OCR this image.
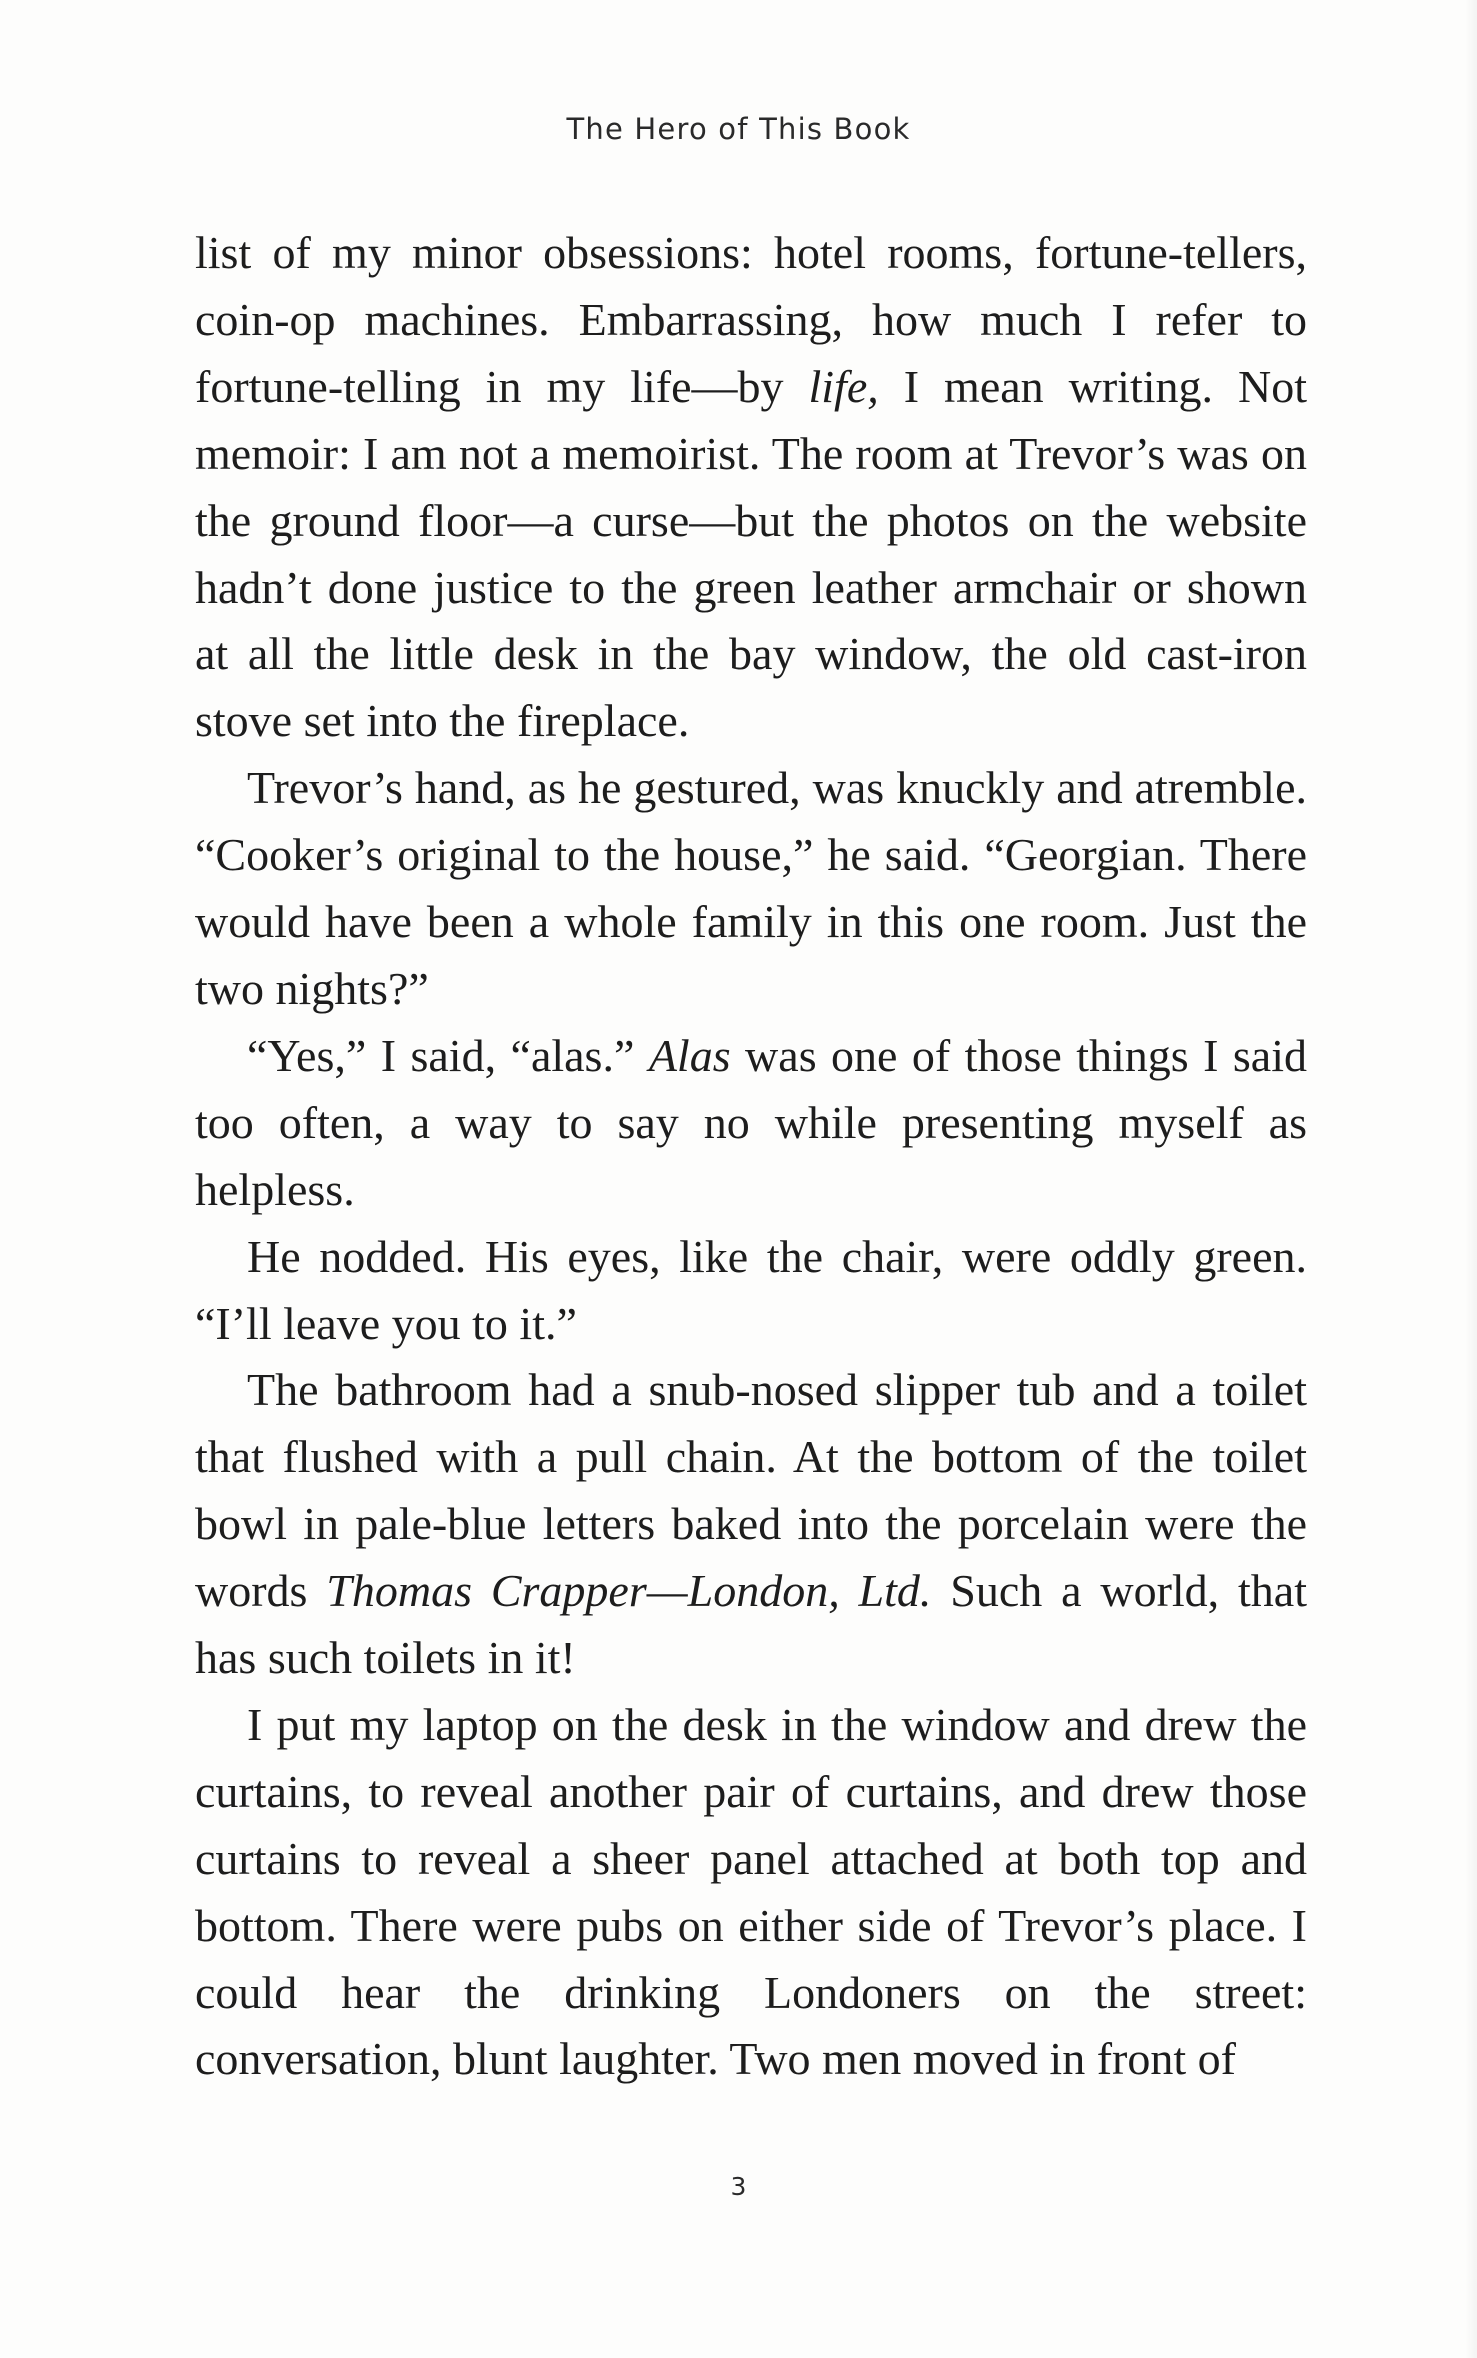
The Hero of This Book

list of my minor obsessions: hotel rooms, fortune-tellers, coin-op machines. Embarrassing, how much I refer to fortune-telling in my life—by life, I mean writing. Not memoir: I am not a memoirist. The room at Trevor’s was on the ground floor—a curse—but the photos on the website hadn’t done justice to the green leather armchair or shown at all the little desk in the bay window, the old cast-iron stove set into the fireplace.

Trevor’s hand, as he gestured, was knuckly and atremble. “Cooker’s original to the house,” he said. “Georgian. There would have been a whole family in this one room. Just the two nights?”

“Yes,” I said, “alas.” Alas was one of those things I said too often, a way to say no while presenting myself as helpless.

He nodded. His eyes, like the chair, were oddly green. “I’ll leave you to it.”

The bathroom had a snub-nosed slipper tub and a toilet that flushed with a pull chain. At the bottom of the toilet bowl in pale-blue letters baked into the porcelain were the words Thomas Crapper—London, Ltd. Such a world, that has such toilets in it!

I put my laptop on the desk in the window and drew the curtains, to reveal another pair of curtains, and drew those curtains to reveal a sheer panel attached at both top and bottom. There were pubs on either side of Trevor’s place. I could hear the drinking Londoners on the street: conversation, blunt laughter. Two men moved in front of

3
